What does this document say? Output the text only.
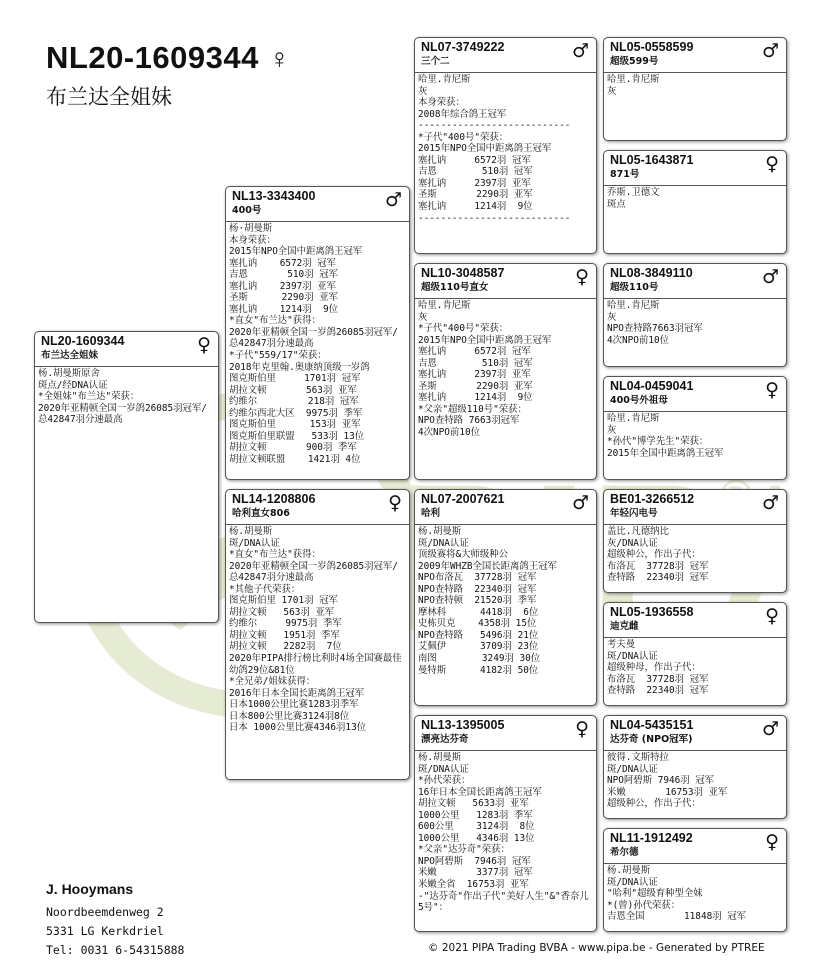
NL20-1609344 ♀
布兰达全姐妹
NL20-1609344
布兰达全姐妹	♀
杨.胡曼斯原舍
斑点/经DNA认证
*全姐妹"布兰达"荣获：
2020年亚精顿全国一岁鸽26085羽冠军/总42847羽分速最高
NL13-3343400
400号	♂
杨·胡曼斯
本身荣获：
2015年NPO全国中距离鸽王冠军
塞扎讷    6572羽 冠军
吉恩       510羽 冠军
塞扎讷    2397羽 亚军
圣斯      2290羽 亚军
塞扎讷    1214羽  9位
*直女"布兰达"获得：
2020年亚精顿全国一岁鸽26085羽冠军/总42847羽分速最高
*子代"559/17"荣获：
2018年克里翰.奥康纳顶级一岁鸽
图克斯伯里     1701羽 冠军
胡拉文顿       563羽 亚军
约维尔         218羽 冠军
约维尔西北大区  9975羽 季军
图克斯伯里      153羽 亚军
图克斯伯里联盟   533羽 13位
胡拉文顿       900羽 季军
胡拉文顿联盟    1421羽 4位
NL14-1208806
哈利直女806	♀
杨.胡曼斯
斑/DNA认证
*直女"布兰达"获得：
2020年亚精顿全国一岁鸽26085羽冠军/总42847羽分速最高
*其他子代荣获：
图克斯伯里 1701羽 冠军
胡拉文顿   563羽 亚军
约维尔     9975羽 季军
胡拉文顿   1951羽 季军
胡拉文顿   2282羽  7位
2020年PIPA排行榜比利时4场全国赛最佳幼鸽29位&81位
*全兄弟/姐妹获得：
2016年日本全国长距离鸽王冠军
日本1000公里比赛1283羽季军
日本800公里比赛3124羽8位
日本 1000公里比赛4346羽13位
NL07-3749222
三个二	♂
哈里.肯尼斯
灰
本身荣获：
2008年综合鸽王冠军
---------------------------
*子代"400号"荣获：
2015年NPO全国中距离鸽王冠军
塞扎讷     6572羽 冠军
吉恩        510羽 冠军
塞扎讷     2397羽 亚军
圣斯       2290羽 亚军
塞扎讷     1214羽  9位
---------------------------
NL10-3048587
超级110号直女	♀
哈里.肯尼斯
灰
*子代"400号"荣获：
2015年NPO全国中距离鸽王冠军
塞扎讷     6572羽 冠军
吉恩        510羽 冠军
塞扎讷     2397羽 亚军
圣斯       2290羽 亚军
塞扎讷     1214羽  9位
*父亲"超级110号"荣获：
NPO查特路 7663羽冠军
4次NPO前10位
NL07-2007621
哈利	♂
杨.胡曼斯
斑/DNA认证
顶级赛将&大师级种公
2009年WHZB全国长距离鸽王冠军
NPO布洛瓦  37728羽 冠军
NPO查特路  22340羽 冠军
NPO查特顿  21520羽 季军
摩林科      4418羽  6位
史栋贝克    4358羽 15位
NPO查特路   5496羽 21位
艾佩伊      3709羽 23位
南图        3249羽 30位
曼特斯      4182羽 50位
NL13-1395005
漂亮达芬奇	♀
杨.胡曼斯
斑/DNA认证
*孙代荣获：
16年日本全国长距离鸽王冠军
胡拉文顿   5633羽 亚军
1000公里   1283羽 季军
600公里    3124羽  8位
1000公里   4346羽 13位
*父亲"达芬奇"荣获：
NPO阿碧斯  7946羽 冠军
米嫩       3377羽 冠军
米嫩全省  16753羽 亚军
-"达芬奇"作出子代"美好人生"&"香奈儿5号"：
NL05-0558599
超级599号	♂
哈里.肯尼斯
灰
NL05-1643871
871号	♀
乔斯.卫德文
斑点
NL08-3849110
超级110号	♂
哈里.肯尼斯
灰
NPO查特路7663羽冠军
4次NPO前10位
NL04-0459041
400号外祖母	♀
哈里.肯尼斯
灰
*孙代"博学先生"荣获：
2015年全国中距离鸽王冠军
BE01-3266512
年轻闪电号	♂
盖比.凡德纳比
灰/DNA认证
超级种公，作出子代：
布洛瓦  37728羽 冠军
查特路  22340羽 冠军
NL05-1936558
迪克雌	♀
考夫曼
斑/DNA认证
超级种母，作出子代：
布洛瓦  37728羽 冠军
查特路  22340羽 冠军
NL04-5435151
达芬奇 (NPO冠军)	♂
彼得.文斯特拉
斑/DNA认证
NPO阿碧斯 7946羽 冠军
米嫩       16753羽 亚军
超级种公，作出子代：
NL11-1912492
希尔德	♀
杨.胡曼斯
斑/DNA认证
"哈利"超级育种型全妹
*(曾)孙代荣获：
吉恩全国       11848羽 冠军
J. Hooymans
Noordbeemdenweg 2
5331 LG Kerkdriel
Tel: 0031 6-54315888	© 2021 PIPA Trading BVBA - www.pipa.be - Generated by PTREE
